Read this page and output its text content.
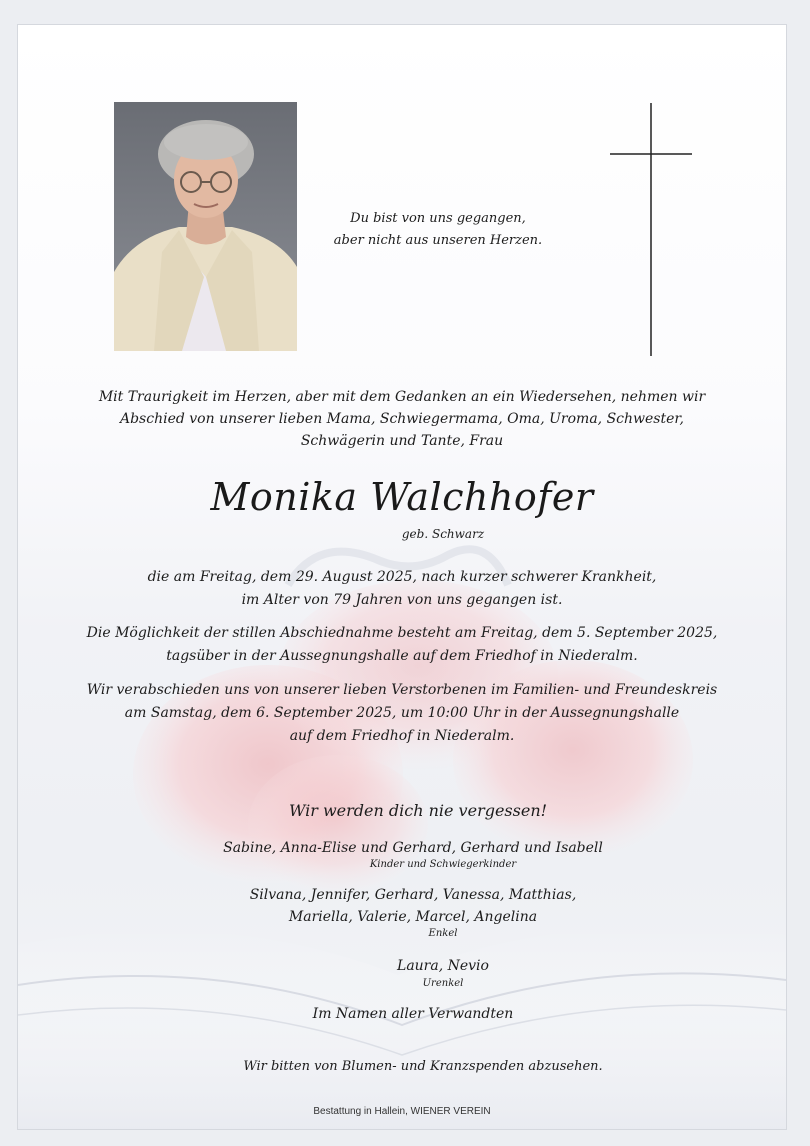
Du bist von uns gegangen,
aber nicht aus unseren Herzen.
Mit Traurigkeit im Herzen, aber mit dem Gedanken an ein Wiedersehen, nehmen wir
Abschied von unserer lieben Mama, Schwiegermama, Oma, Uroma, Schwester,
Schwägerin und Tante, Frau
Monika Walchhofer
geb. Schwarz
die am Freitag, dem 29. August 2025, nach kurzer schwerer Krankheit,
im Alter von 79 Jahren von uns gegangen ist.
Die Möglichkeit der stillen Abschiednahme besteht am Freitag, dem 5. September 2025,
tagsüber in der Aussegnungshalle auf dem Friedhof in Niederalm.
Wir verabschieden uns von unserer lieben Verstorbenen im Familien- und Freundeskreis
am Samstag, dem 6. September 2025, um 10:00 Uhr in der Aussegnungshalle
auf dem Friedhof in Niederalm.
Wir werden dich nie vergessen!
Sabine, Anna-Elise und Gerhard, Gerhard und Isabell
Kinder und Schwiegerkinder
Silvana, Jennifer, Gerhard, Vanessa, Matthias,
Mariella, Valerie, Marcel, Angelina
Enkel
Laura, Nevio
Urenkel
Im Namen aller Verwandten
Wir bitten von Blumen- und Kranzspenden abzusehen.
Bestattung in Hallein, WIENER VEREIN
